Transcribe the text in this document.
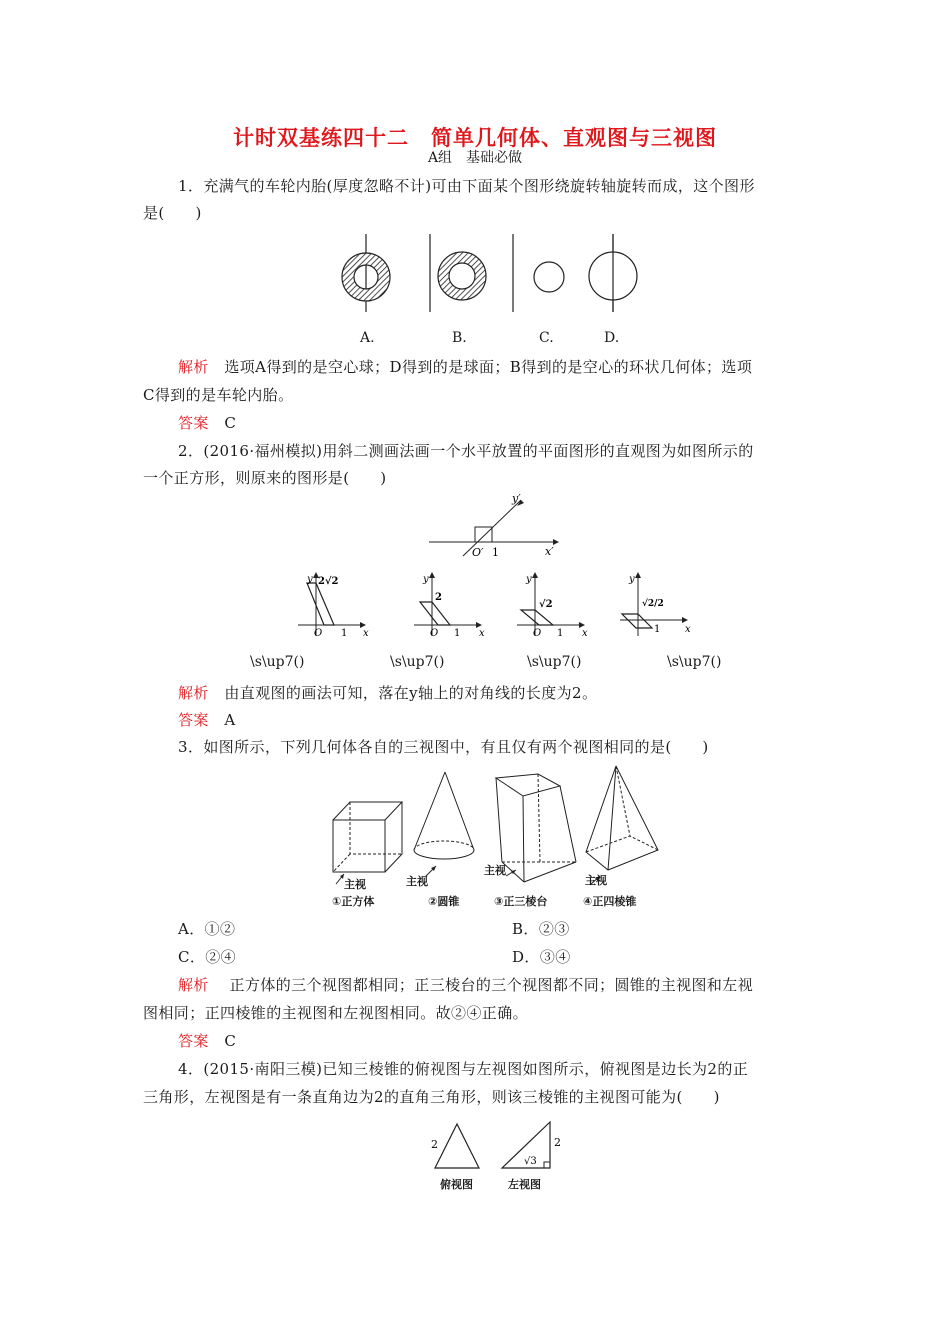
计时双基练四十二　简单几何体、直观图与三视图
A组　基础必做
1．充满气的车轮内胎(厚度忽略不计)可由下面某个图形绕旋转轴旋转而成，这个图形
是(　　)
A.	B.	C.	D.
解析 选项A得到的是空心球；D得到的是球面；B得到的是空心的环状几何体；选项
C得到的是车轮内胎。
答案 C
2．(2016·福州模拟)用斜二测画法画一个水平放置的平面图形的直观图为如图所示的
一个正方形，则原来的图形是(　　)
y′
x′
O′ 1
y
x
O 1
2√2	y
x
O 1
2
y
x
O 1
√2
y
x
1
√2/2
\s\up7()	\s\up7()	\s\up7()	\s\up7()
解析 由直观图的画法可知，落在y轴上的对角线的长度为2。
答案 A
3．如图所示，下列几何体各自的三视图中，有且仅有两个视图相同的是(　　)
主视
①正方体
主视
②圆锥
主视
③正三棱台
主视
④正四棱锥
A．①②	B．②③
C．②④	D．③④
解析 正方体的三个视图都相同；正三棱台的三个视图都不同；圆锥的主视图和左视
图相同；正四棱锥的主视图和左视图相同。故②④正确。
答案 C
4．(2015·南阳三模)已知三棱锥的俯视图与左视图如图所示，俯视图是边长为2的正
三角形，左视图是有一条直角边为2的直角三角形，则该三棱锥的主视图可能为(　　)
2	2
√3
俯视图	左视图
